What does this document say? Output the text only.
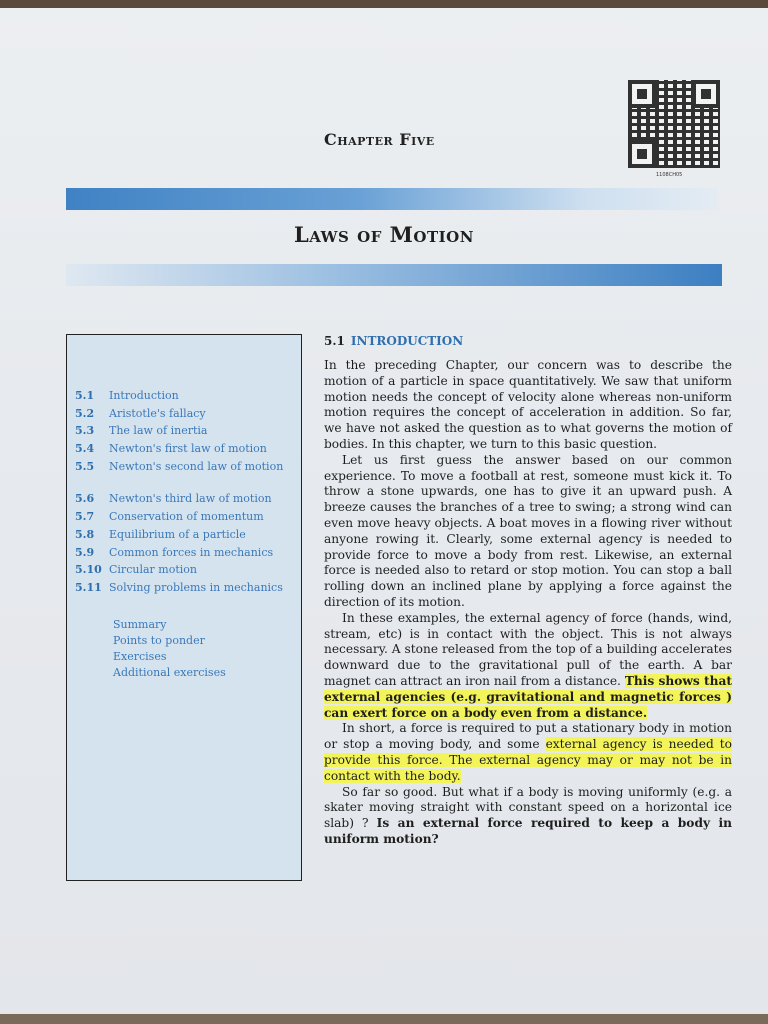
1108CH05
Chapter Five
Laws of Motion
5.1 Introduction
5.2 Aristotle's fallacy
5.3 The law of inertia
5.4 Newton's first law of motion
5.5 Newton's second law of motion
5.6 Newton's third law of motion
5.7 Conservation of momentum
5.8 Equilibrium of a particle
5.9 Common forces in mechanics
5.10 Circular motion
5.11 Solving problems in mechanics
Summary
Points to ponder
Exercises
Additional exercises
5.1 INTRODUCTION

In the preceding Chapter, our concern was to describe the motion of a particle in space quantitatively. We saw that uniform motion needs the concept of velocity alone whereas non-uniform motion requires the concept of acceleration in addition. So far, we have not asked the question as to what governs the motion of bodies. In this chapter, we turn to this basic question.

Let us first guess the answer based on our common experience. To move a football at rest, someone must kick it. To throw a stone upwards, one has to give it an upward push. A breeze causes the branches of a tree to swing; a strong wind can even move heavy objects. A boat moves in a flowing river without anyone rowing it. Clearly, some external agency is needed to provide force to move a body from rest. Likewise, an external force is needed also to retard or stop motion. You can stop a ball rolling down an inclined plane by applying a force against the direction of its motion.

In these examples, the external agency of force (hands, wind, stream, etc) is in contact with the object. This is not always necessary. A stone released from the top of a building accelerates downward due to the gravitational pull of the earth. A bar magnet can attract an iron nail from a distance. This shows that external agencies (e.g. gravitational and magnetic forces ) can exert force on a body even from a distance.

In short, a force is required to put a stationary body in motion or stop a moving body, and some external agency is needed to provide this force. The external agency may or may not be in contact with the body.

So far so good. But what if a body is moving uniformly (e.g. a skater moving straight with constant speed on a horizontal ice slab) ? Is an external force required to keep a body in uniform motion?
